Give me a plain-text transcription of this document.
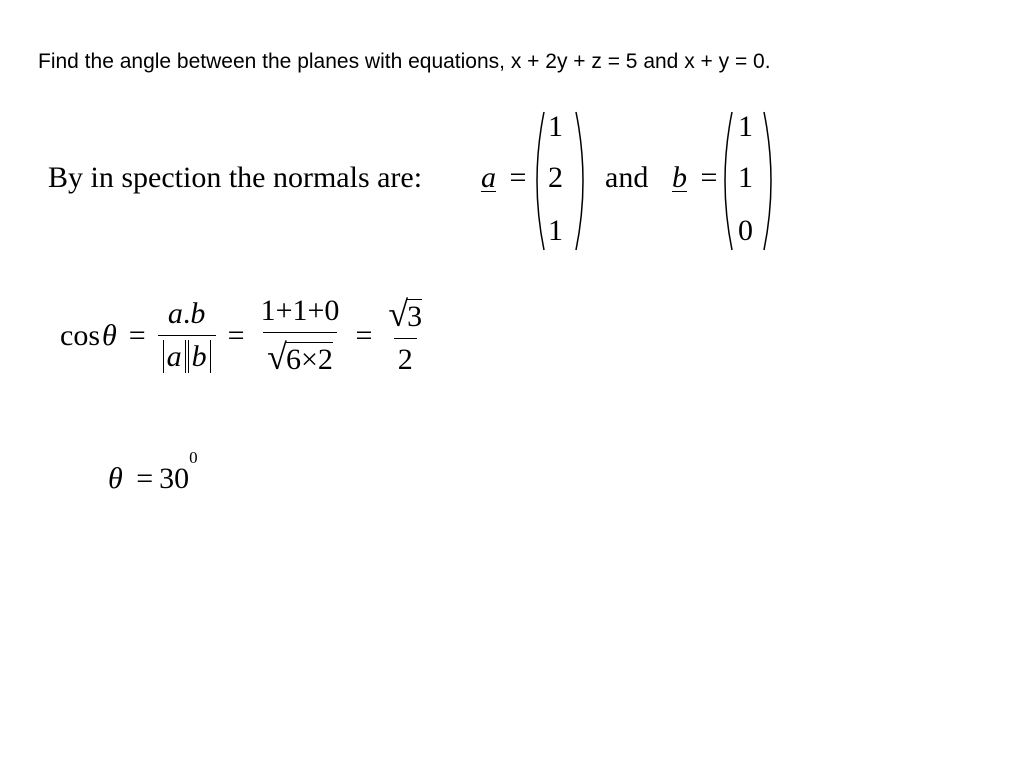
Find the angle between the planes with equations, x + 2y + z = 5 and x + y = 0.
By in spection the normals are: a =
1
2
1
and b =
1
1
0
$\cos \theta = \frac{a.b}{\text{a b}} = \frac{1+1+0}{√ 6\times 2} = \frac{√ 3}{2}$
$\theta = 30^0$
